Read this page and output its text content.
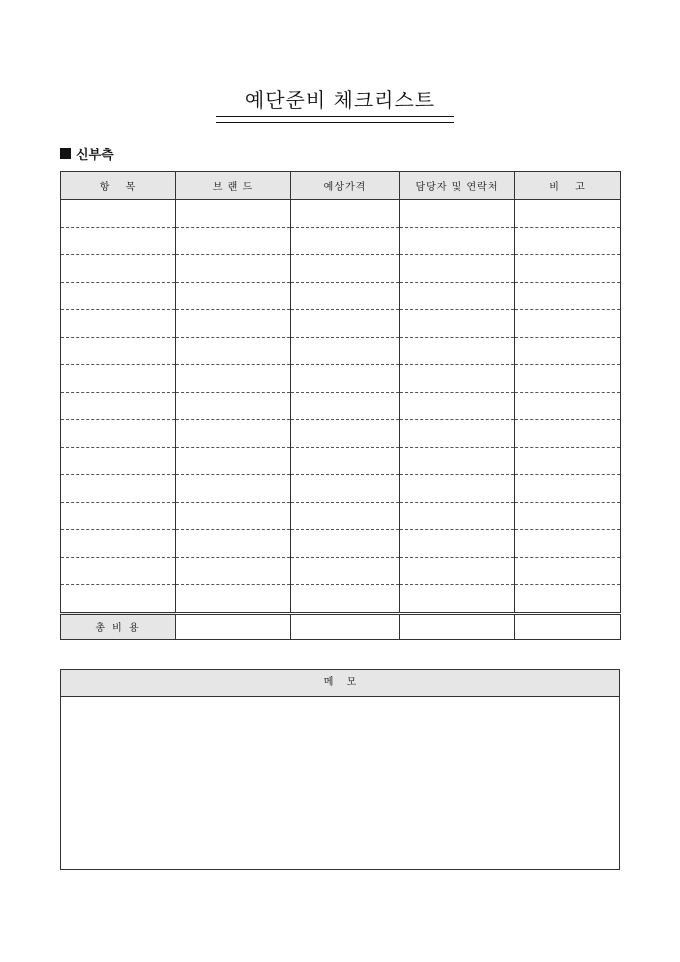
예단준비 체크리스트
신부측
항　 목	브 랜 드	예상가격	담당자 및 연락처	비　 고

총 비 용				
메　 모
